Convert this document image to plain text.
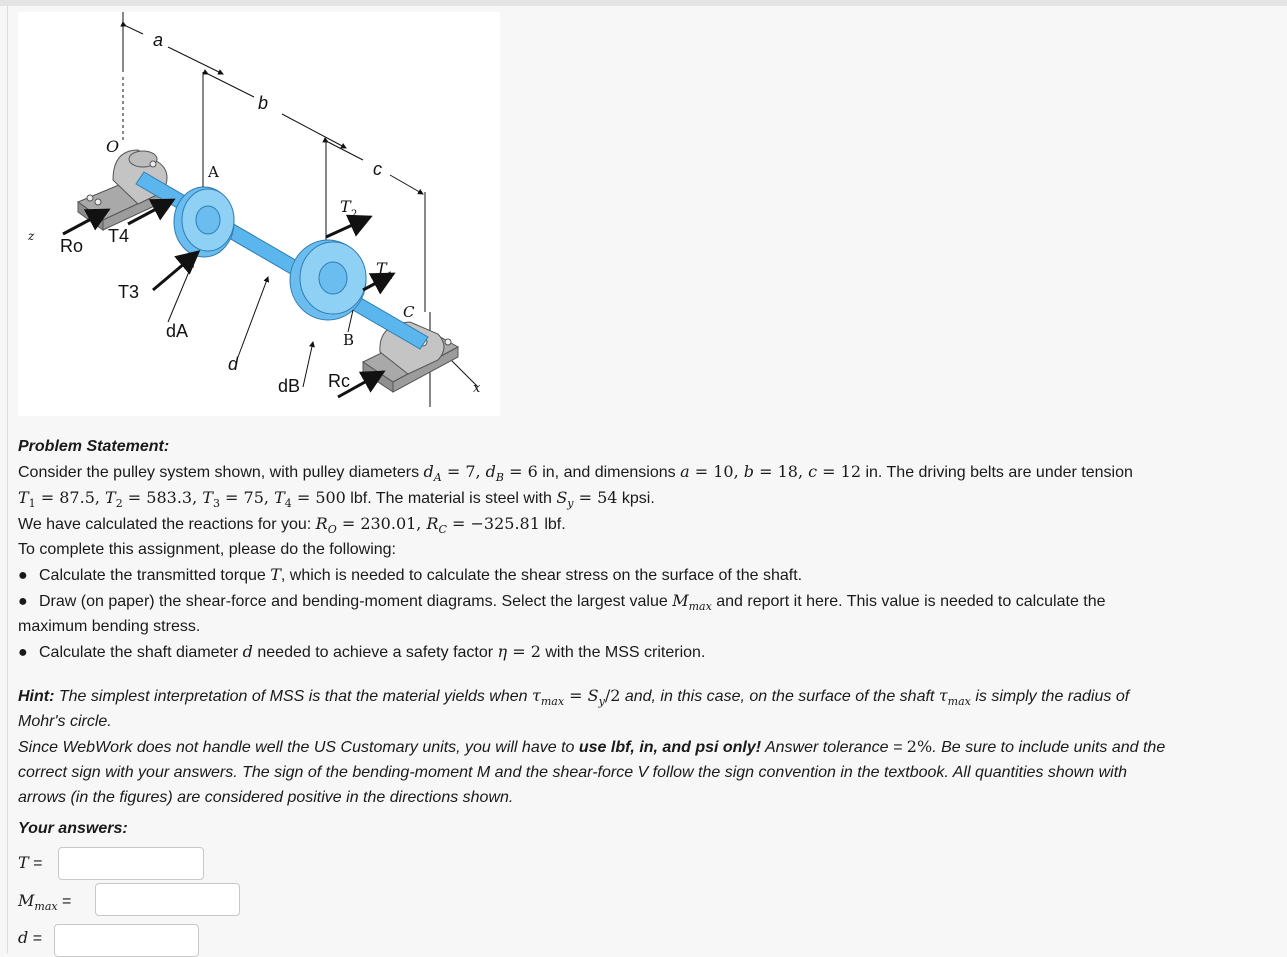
a
b
c
O
A
B
C
z
x
Ro T4
T3
T 2
T 1
dA
d
dB Rc
Problem Statement:
Consider the pulley system shown, with pulley diameters $d_A = 7$, $d_B = 6$ in, and dimensions a = 10, b = 18, c = 12 in. The driving belts are under tension
$T_1 = 87.5$, $T_2 = 583.3$, $T_3 = 75$, $T_4 = 500$ lbf. The material is steel with $S_y = 54$ kpsi.
We have calculated the reactions for you: $R_O = 230.01$, $R_C = -325.81$ lbf.
To complete this assignment, please do the following:
● Calculate the transmitted torque T, which is needed to calculate the shear stress on the surface of the shaft.
● Draw (on paper) the shear-force and bending-moment diagrams. Select the largest value $M_{max}$ and report it here. This value is needed to calculate the
maximum bending stress.
● Calculate the shaft diameter d needed to achieve a safety factor η = 2 with the MSS criterion.
Hint: The simplest interpretation of MSS is that the material yields when $\tau_{max} = S_y/2$ and, in this case, on the surface of the shaft $\tau_{max}$ is simply the radius of
Mohr's circle.
Since WebWork does not handle well the US Customary units, you will have to use lbf, in, and psi only! Answer tolerance = 2%. Be sure to include units and the
correct sign with your answers. The sign of the bending-moment M and the shear-force V follow the sign convention in the textbook. All quantities shown with
arrows (in the figures) are considered positive in the directions shown.
Your answers:
T =
$M_{max}$ =
d =
